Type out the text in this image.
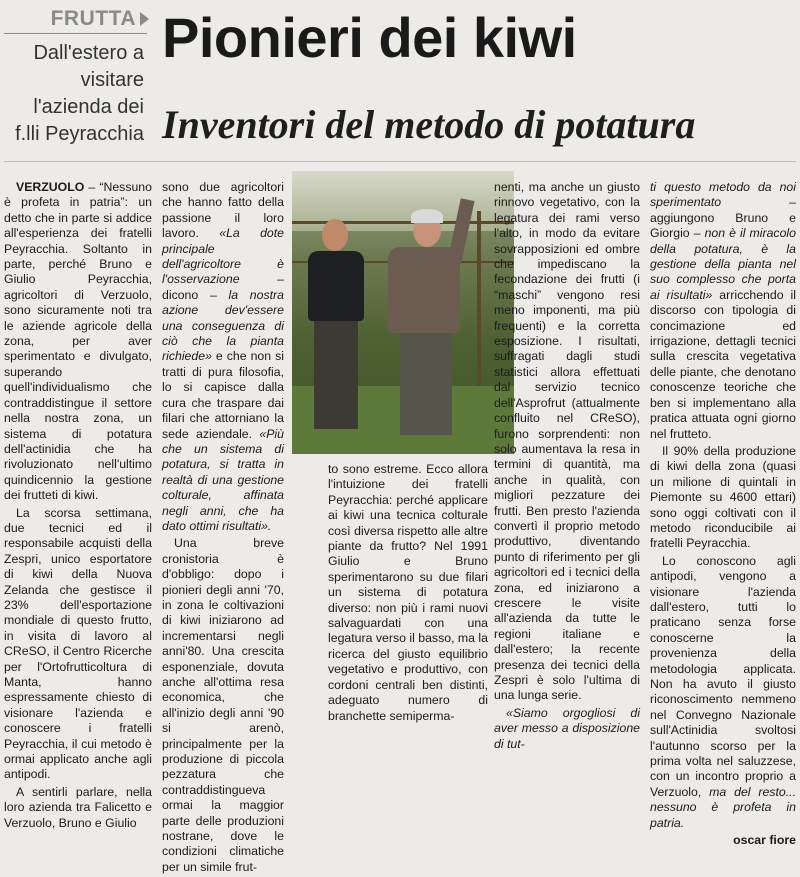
FRUTTA
Dall'estero a
visitare
l'azienda dei
f.lli Peyracchia
Pionieri dei kiwi
Inventori del metodo di potatura

VERZUOLO – “Nessuno è profeta in patria”: un detto che in parte si addice all'esperienza dei fratelli Peyracchia. Soltanto in parte, perché Bruno e Giulio Peyracchia, agricoltori di Verzuolo, sono sicuramente noti tra le aziende agricole della zona, per aver sperimentato e divulgato, superando quell'individualismo che contraddistingue il settore nella nostra zona, un sistema di potatura dell'actinidia che ha rivoluzionato nell'ultimo quindicennio la gestione dei frutteti di kiwi.

La scorsa settimana, due tecnici ed il responsabile acquisti della Zespri, unico esportatore di kiwi della Nuova Zelanda che gestisce il 23% dell'esportazione mondiale di questo frutto, in visita di lavoro al CReSO, il Centro Ricerche per l'Ortofrutticoltura di Manta, hanno espressamente chiesto di visionare l'azienda e conoscere i fratelli Peyracchia, il cui metodo è ormai applicato anche agli antipodi.

A sentirli parlare, nella loro azienda tra Falicetto e Verzuolo, Bruno e Giulio

sono due agricoltori che hanno fatto della passione il loro lavoro. «La dote principale dell'agricoltore è l'osservazione – dicono – la nostra azione dev'essere una conseguenza di ciò che la pianta richiede» e che non si tratti di pura filosofia, lo si capisce dalla cura che traspare dai filari che attorniano la sede aziendale. «Più che un sistema di potatura, si tratta in realtà di una gestione colturale, affinata negli anni, che ha dato ottimi risultati».

Una breve cronistoria è d'obbligo: dopo i pionieri degli anni '70, in zona le coltivazioni di kiwi iniziarono ad incrementarsi negli anni'80. Una crescita esponenziale, dovuta anche all'ottima resa economica, che all'inizio degli anni '90 si arenò, principalmente per la produzione di piccola pezzatura che contraddistingueva ormai la maggior parte delle produzioni nostrane, dove le condizioni climatiche per un simile frut-

to sono estreme. Ecco allora l'intuizione dei fratelli Peyracchia: perché applicare ai kiwi una tecnica colturale così diversa rispetto alle altre piante da frutto? Nel 1991 Giulio e Bruno sperimentarono su due filari un sistema di potatura diverso: non più i rami nuovi salvaguardati con una legatura verso il basso, ma la ricerca del giusto equilibrio vegetativo e produttivo, con cordoni centrali ben distinti, adeguato numero di branchette semiperma-

nenti, ma anche un giusto rinnovo vegetativo, con la legatura dei rami verso l'alto, in modo da evitare sovrapposizioni ed ombre che impediscano la fecondazione dei frutti (i “maschi” vengono resi meno imponenti, ma più frequenti) e la corretta esposizione. I risultati, suffragati dagli studi statistici allora effettuati dal servizio tecnico dell'Asprofrut (attualmente confluito nel CReSO), furono sorprendenti: non solo aumentava la resa in termini di quantità, ma anche in qualità, con migliori pezzature dei frutti. Ben presto l'azienda convertì il proprio metodo produttivo, diventando punto di riferimento per gli agricoltori ed i tecnici della zona, ed iniziarono a crescere le visite all'azienda da tutte le regioni italiane e dall'estero; la recente presenza dei tecnici della Zespri è solo l'ultima di una lunga serie.

«Siamo orgogliosi di aver messo a disposizione di tut-

ti questo metodo da noi sperimentato – aggiungono Bruno e Giorgio – non è il miracolo della potatura, è la gestione della pianta nel suo complesso che porta ai risultati» arricchendo il discorso con tipologia di concimazione ed irrigazione, dettagli tecnici sulla crescita vegetativa delle piante, che denotano conoscenze teoriche che ben si implementano alla pratica attuata ogni giorno nel frutteto.

Il 90% della produzione di kiwi della zona (quasi un milione di quintali in Piemonte su 4600 ettari) sono oggi coltivati con il metodo riconducibile ai fratelli Peyracchia.

Lo conoscono agli antipodi, vengono a visionare l'azienda dall'estero, tutti lo praticano senza forse conoscerne la provenienza della metodologia applicata. Non ha avuto il giusto riconoscimento nemmeno nel Convegno Nazionale sull'Actinidia svoltosi l'autunno scorso per la prima volta nel saluzzese, con un incontro proprio a Verzuolo, ma del resto... nessuno è profeta in patria.

oscar fiore
